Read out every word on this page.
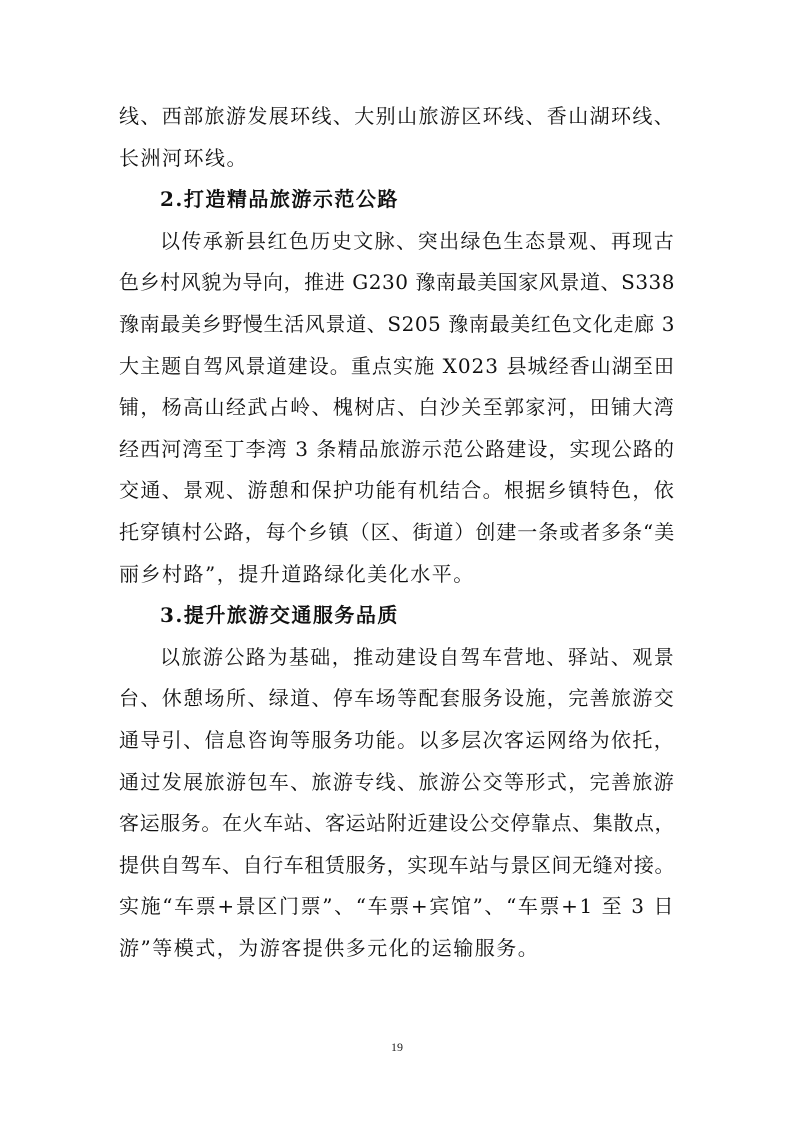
线、西部旅游发展环线、大别山旅游区环线、香山湖环线、
长洲河环线。
2.打造精品旅游示范公路
以传承新县红色历史文脉、突出绿色生态景观、再现古
色乡村风貌为导向，推进 G230 豫南最美国家风景道、S338
豫南最美乡野慢生活风景道、S205 豫南最美红色文化走廊 3
大主题自驾风景道建设。重点实施 X023 县城经香山湖至田
铺，杨高山经武占岭、槐树店、白沙关至郭家河，田铺大湾
经西河湾至丁李湾 3 条精品旅游示范公路建设，实现公路的
交通、景观、游憩和保护功能有机结合。根据乡镇特色，依
托穿镇村公路，每个乡镇（区、街道）创建一条或者多条“美
丽乡村路”，提升道路绿化美化水平。
3.提升旅游交通服务品质
以旅游公路为基础，推动建设自驾车营地、驿站、观景
台、休憩场所、绿道、停车场等配套服务设施，完善旅游交
通导引、信息咨询等服务功能。以多层次客运网络为依托，
通过发展旅游包车、旅游专线、旅游公交等形式，完善旅游
客运服务。在火车站、客运站附近建设公交停靠点、集散点，
提供自驾车、自行车租赁服务，实现车站与景区间无缝对接。
实施“车票+景区门票”、“车票+宾馆”、“车票+1 至 3 日
游”等模式，为游客提供多元化的运输服务。
19
